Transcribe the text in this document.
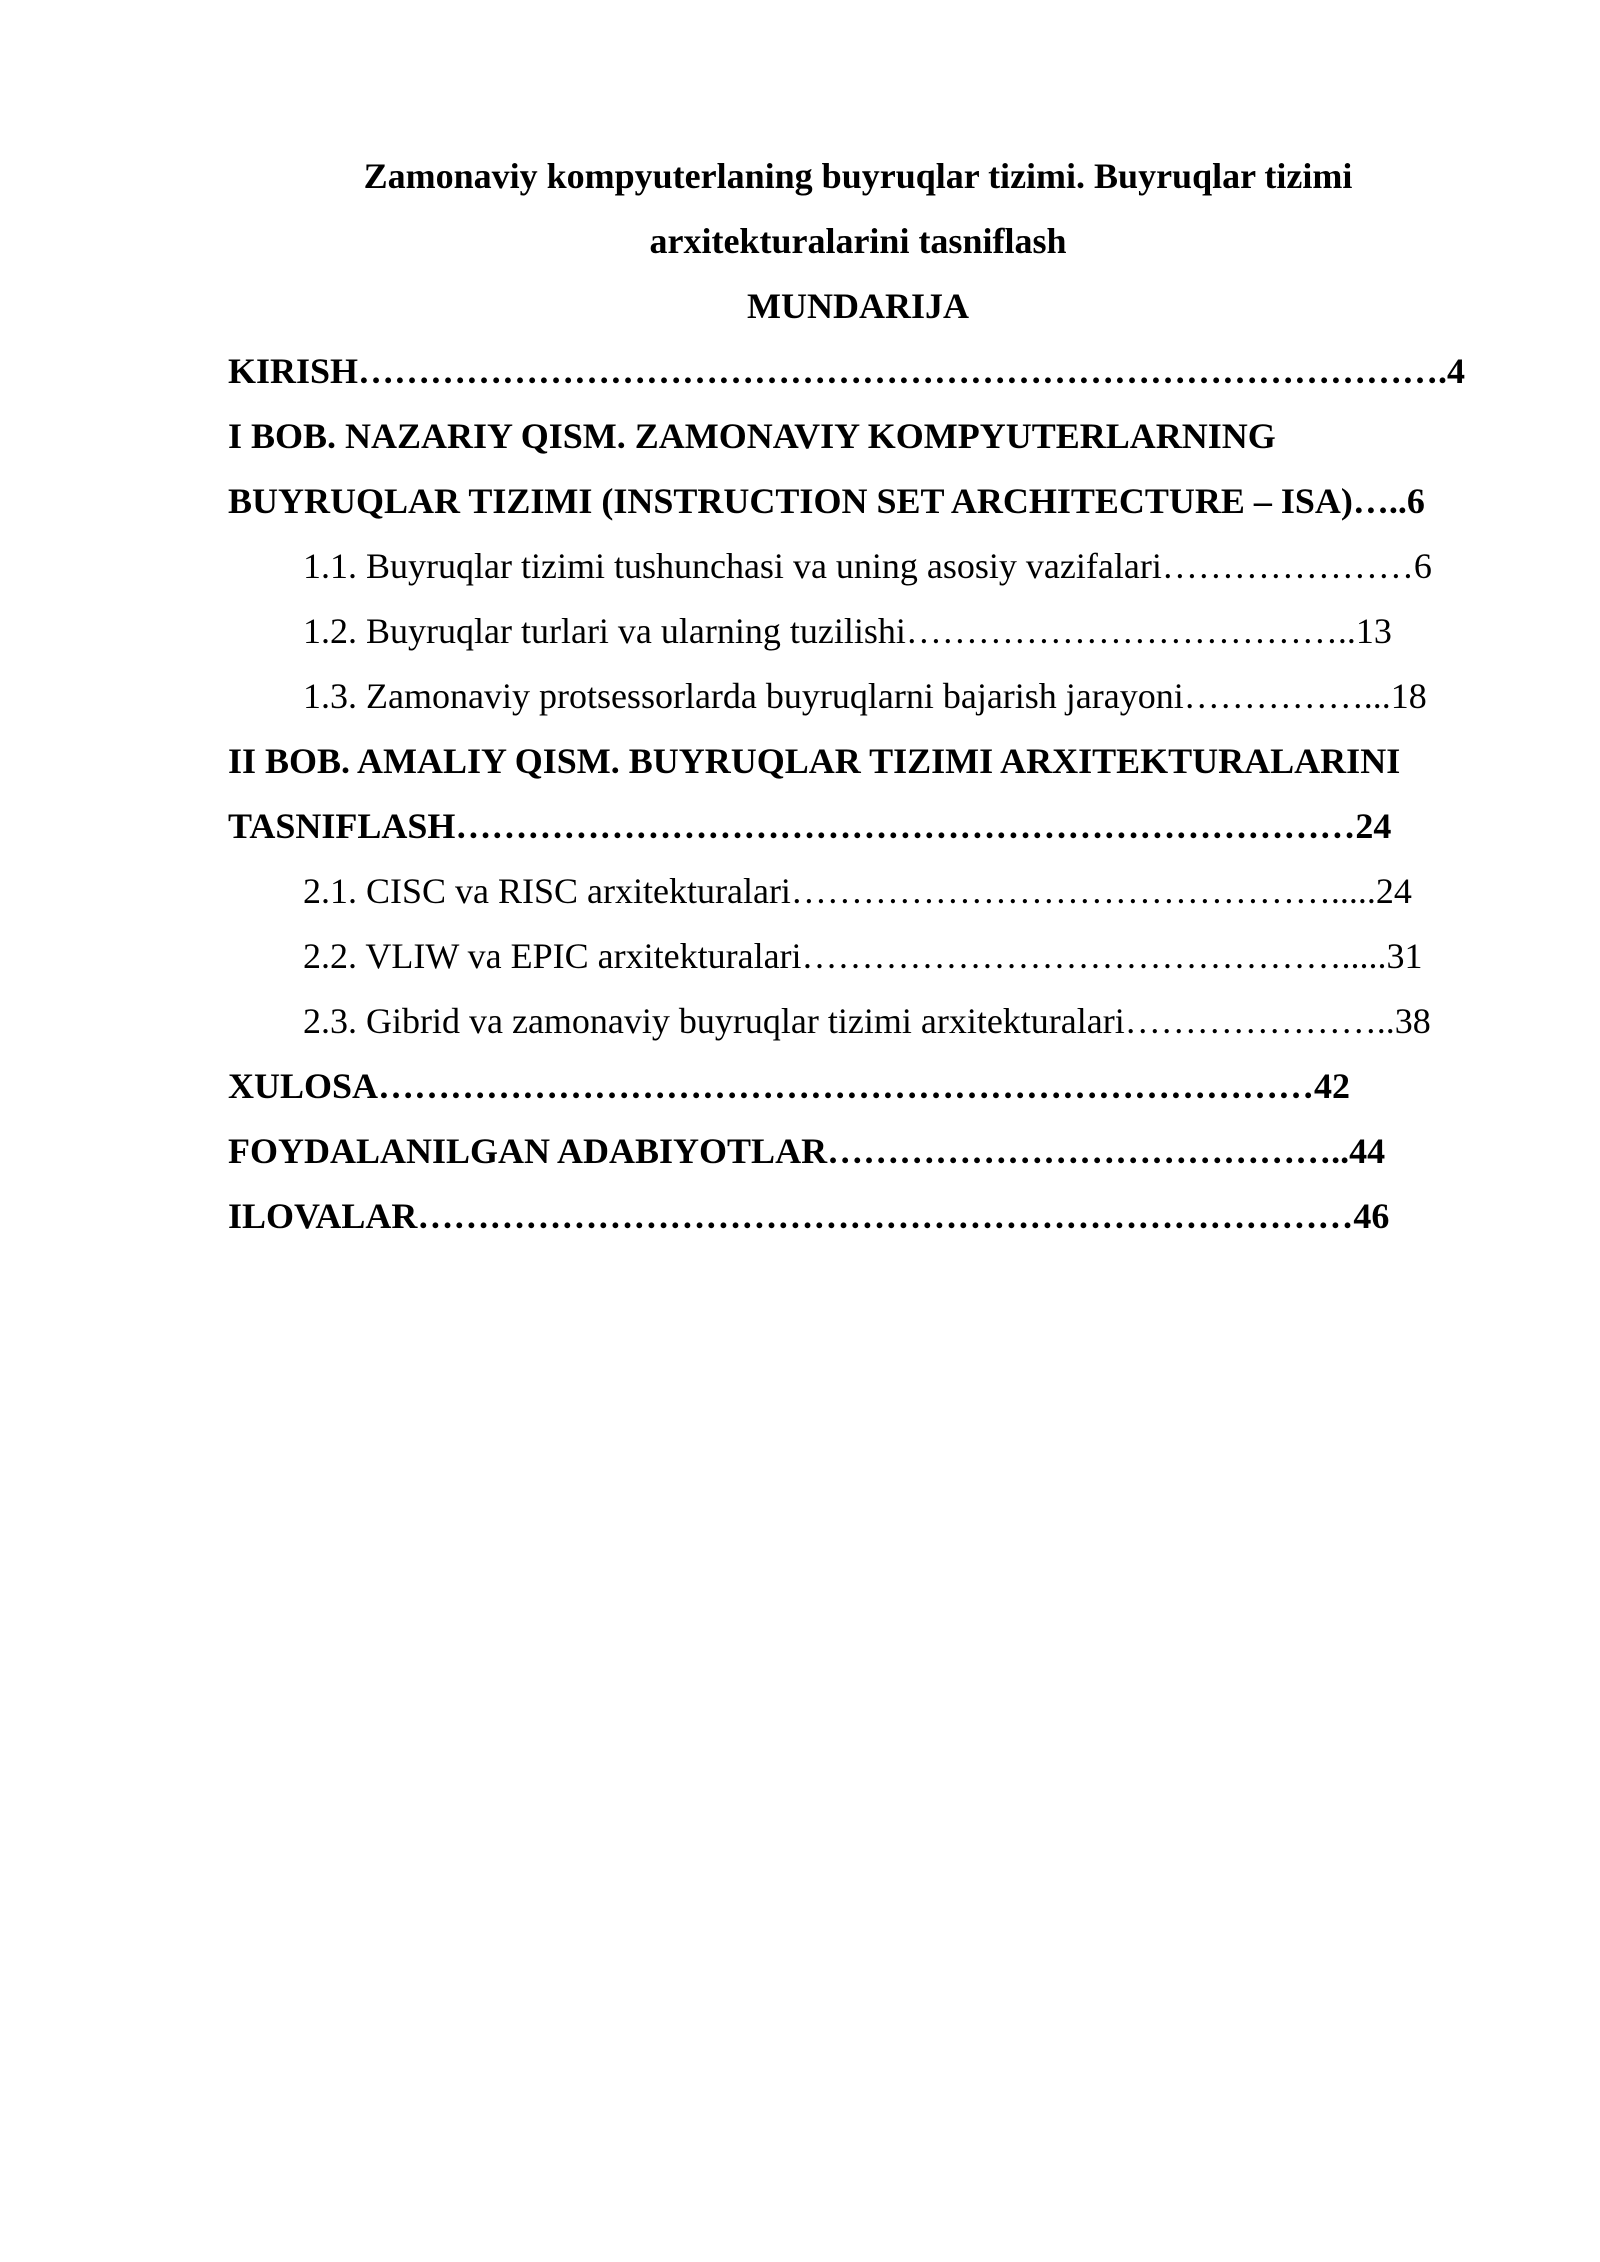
Zamonaviy kompyuterlaning buyruqlar tizimi. Buyruqlar tizimi
arxitekturalarini tasniflash
MUNDARIJA
KIRISH……………………………………………………………………………….4
I BOB. NAZARIY QISM. ZAMONAVIY KOMPYUTERLARNING
BUYRUQLAR TIZIMI (INSTRUCTION SET ARCHITECTURE – ISA)…..6
1.1. Buyruqlar tizimi tushunchasi va uning asosiy vazifalari…………………6
1.2. Buyruqlar turlari va ularning tuzilishi………………………………..13
1.3. Zamonaviy protsessorlarda buyruqlarni bajarish jarayoni……………...18
II BOB. AMALIY QISM. BUYRUQLAR TIZIMI ARXITEKTURALARINI
TASNIFLASH…………………………………………………………………24
2.1. CISC va RISC arxitekturalari……………………………………….....24
2.2. VLIW va EPIC arxitekturalari……………………………………….....31
2.3. Gibrid va zamonaviy buyruqlar tizimi arxitekturalari…………………..38
XULOSA……………………………………………………………………42
FOYDALANILGAN ADABIYOTLAR……………………………………..44
ILOVALAR……………………………………………………………………46
